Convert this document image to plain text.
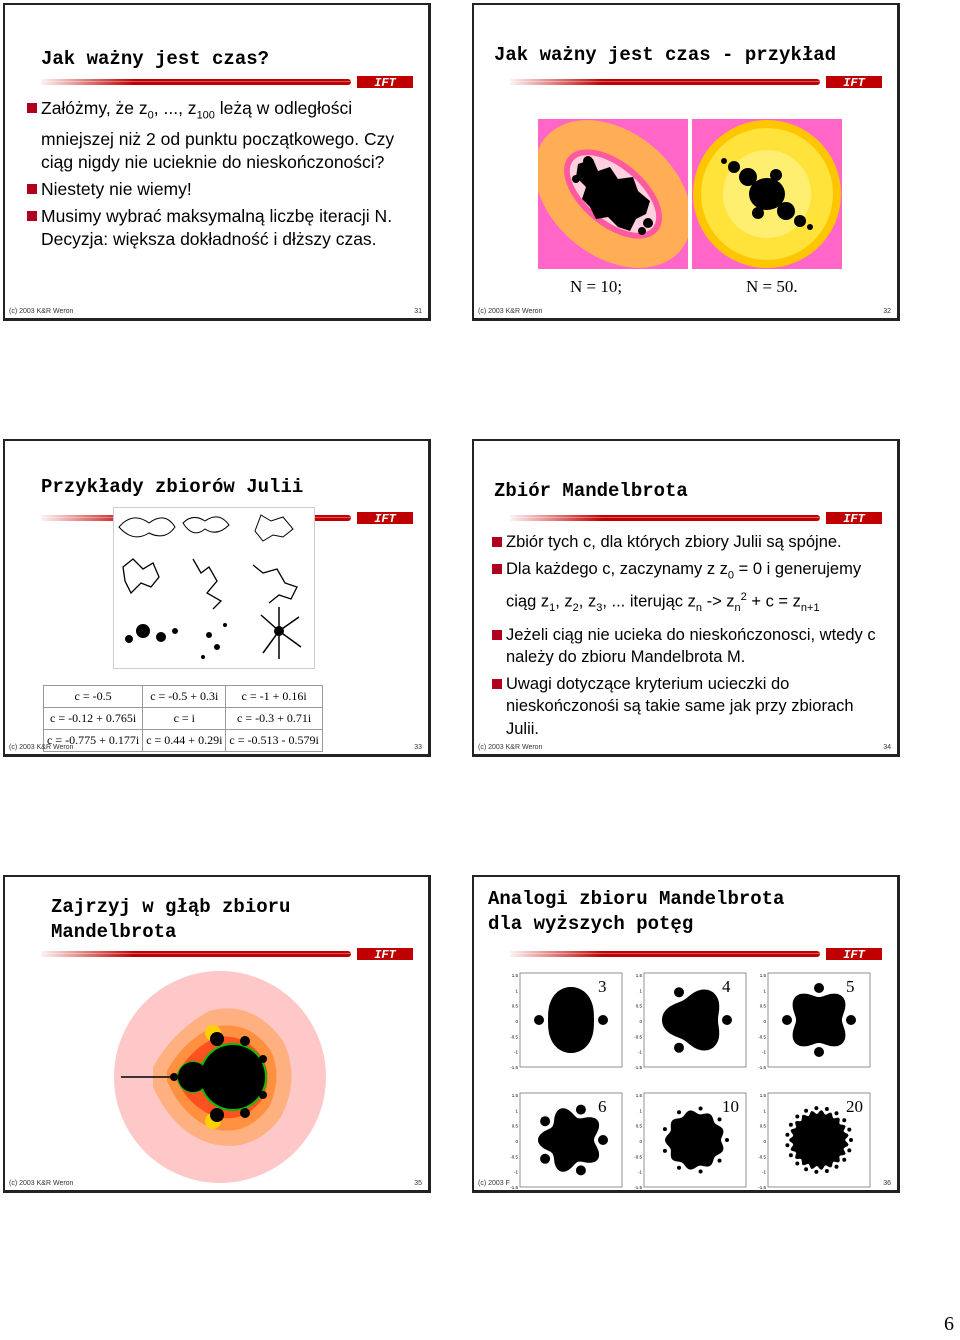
Jak ważny jest czas?
IFT
Załóżmy, że $z_0$, ..., $z_{100}$ leżą w odległości mniejszej niż 2 od punktu początkowego. Czy ciąg nigdy nie ucieknie do nieskończoności?
Niestety nie wiemy!
Musimy wybrać maksymalną liczbę iteracji N. Decyzja: większa dokładność i dłższy czas.
(c) 2003 K&R Weron	31
Jak ważny jest czas - przykład
IFT
N = 10;	N = 50.
(c) 2003 K&R Weron	32
Przykłady zbiorów Julii
IFT
c = -0.5	c = -0.5 + 0.3i	c = -1 + 0.16i
c = -0.12 + 0.765i	c = i	c = -0.3 + 0.71i
c = -0.775 + 0.177i	c = 0.44 + 0.29i	c = -0.513 - 0.579i
(c) 2003 K&R Weron	33
Zbiór Mandelbrota
IFT
Zbiór tych c, dla których zbiory Julii są spójne.
Dla każdego c, zaczynamy z $z_0 = 0$ i generujemy ciąg $z_1$, $z_2$, $z_3$, ... iterując $z_n -> z_n^2 + c = z_{n+1}$
Jeżeli ciąg nie ucieka do nieskończonosci, wtedy c należy do zbioru Mandelbrota M.
Uwagi dotyczące kryterium ucieczki do nieskończonośi są takie same jak przy zbiorach Julii.
(c) 2003 K&R Weron	34
Zajrzyj w głąb zbioru Mandelbrota
IFT
(c) 2003 K&R Weron	35
Analogi zbioru Mandelbrota dla wyższych potęg
IFT
1.5
1
0.5
0
-0.5
-1
-1.5
3
1.5
1
0.5
0
-0.5
-1
-1.5
4
1.5
1
0.5
0
-0.5
-1
-1.5
5
1.5
1
0.5
0
-0.5
-1
-1.5
-1.5 -1 -0.5 0	0.5	1	1.5
6
1.5
1
0.5
0
-0.5
-1
-1.5
-1.5 -1 -0.5 0	0.5	1	1.5
10
1.5
1
0.5
0
-0.5
-1
-1.5
-1.5 -1 -0.5 0	0.5	1	1.5
20
(c) 2003 F	36
6
